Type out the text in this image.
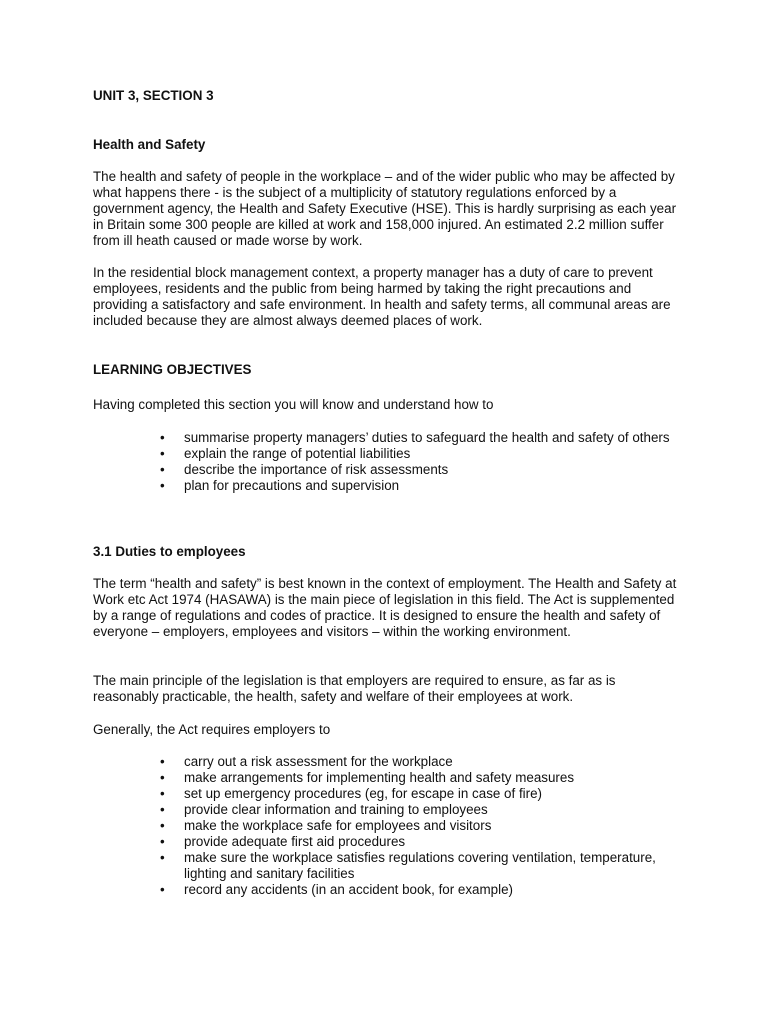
UNIT 3, SECTION 3
Health and Safety

The health and safety of people in the workplace – and of the wider public who may be affected by what happens there - is the subject of a multiplicity of statutory regulations enforced by a government agency, the Health and Safety Executive (HSE). This is hardly surprising as each year in Britain some 300 people are killed at work and 158,000 injured. An estimated 2.2 million suffer from ill heath caused or made worse by work.

In the residential block management context, a property manager has a duty of care to prevent employees, residents and the public from being harmed by taking the right precautions and providing a satisfactory and safe environment. In health and safety terms, all communal areas are included because they are almost always deemed places of work.

LEARNING OBJECTIVES

Having completed this section you will know and understand how to

• summarise property managers’ duties to safeguard the health and safety of others
• explain the range of potential liabilities
• describe the importance of risk assessments
• plan for precautions and supervision
3.1 Duties to employees

The term “health and safety” is best known in the context of employment. The Health and Safety at Work etc Act 1974 (HASAWA) is the main piece of legislation in this field. The Act is supplemented by a range of regulations and codes of practice. It is designed to ensure the health and safety of everyone – employers, employees and visitors – within the working environment.

The main principle of the legislation is that employers are required to ensure, as far as is reasonably practicable, the health, safety and welfare of their employees at work.

Generally, the Act requires employers to

• carry out a risk assessment for the workplace
• make arrangements for implementing health and safety measures
• set up emergency procedures (eg, for escape in case of fire)
• provide clear information and training to employees
• make the workplace safe for employees and visitors
• provide adequate first aid procedures
• make sure the workplace satisfies regulations covering ventilation, temperature, lighting and sanitary facilities
• record any accidents (in an accident book, for example)
